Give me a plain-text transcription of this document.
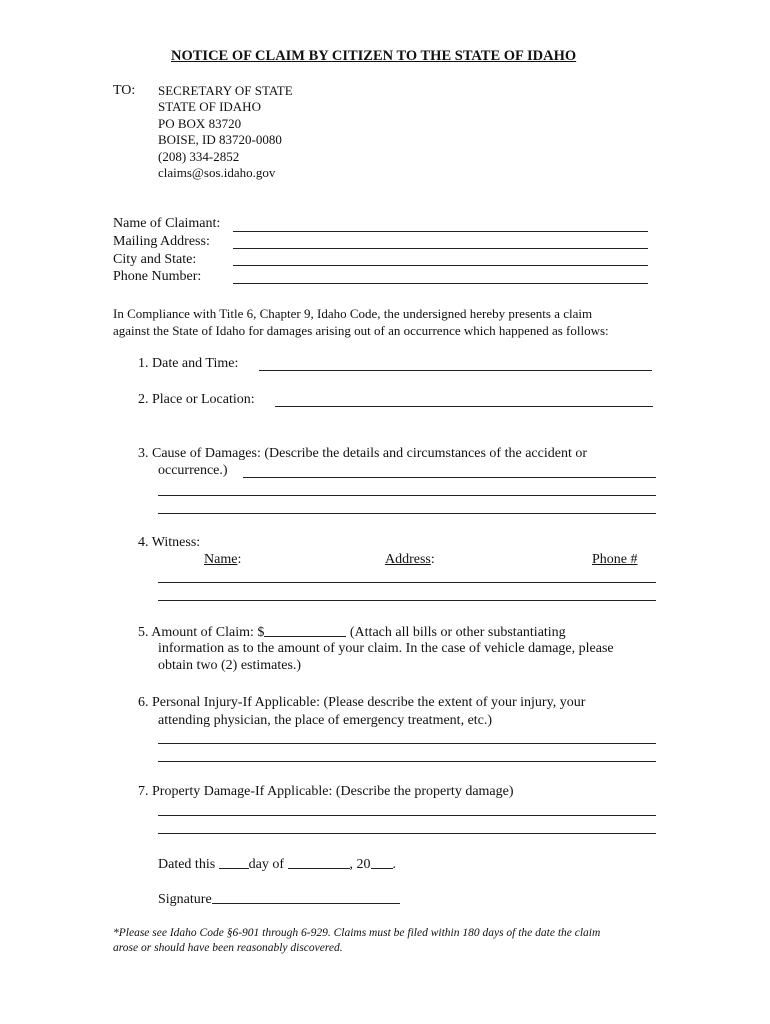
NOTICE OF CLAIM BY CITIZEN TO THE STATE OF IDAHO
TO: SECRETARY OF STATE
STATE OF IDAHO
PO BOX 83720
BOISE, ID 83720-0080
(208) 334-2852
claims@sos.idaho.gov
Name of Claimant:
Mailing Address:
City and State:
Phone Number:
In Compliance with Title 6, Chapter 9, Idaho Code, the undersigned hereby presents a claim
against the State of Idaho for damages arising out of an occurrence which happened as follows:
1. Date and Time:
2. Place or Location:
3. Cause of Damages: (Describe the details and circumstances of the accident or
occurrence.)
4. Witness:
Name:	Address:	Phone #
5. Amount of Claim: $	(Attach all bills or other substantiating
information as to the amount of your claim. In the case of vehicle damage, please
obtain two (2) estimates.)
6. Personal Injury-If Applicable: (Please describe the extent of your injury, your
attending physician, the place of emergency treatment, etc.)
7. Property Damage-If Applicable: (Describe the property damage)
Dated this day of	, 20 .
Signature
*Please see Idaho Code §6-901 through 6-929. Claims must be filed within 180 days of the date the claim
arose or should have been reasonably discovered.
